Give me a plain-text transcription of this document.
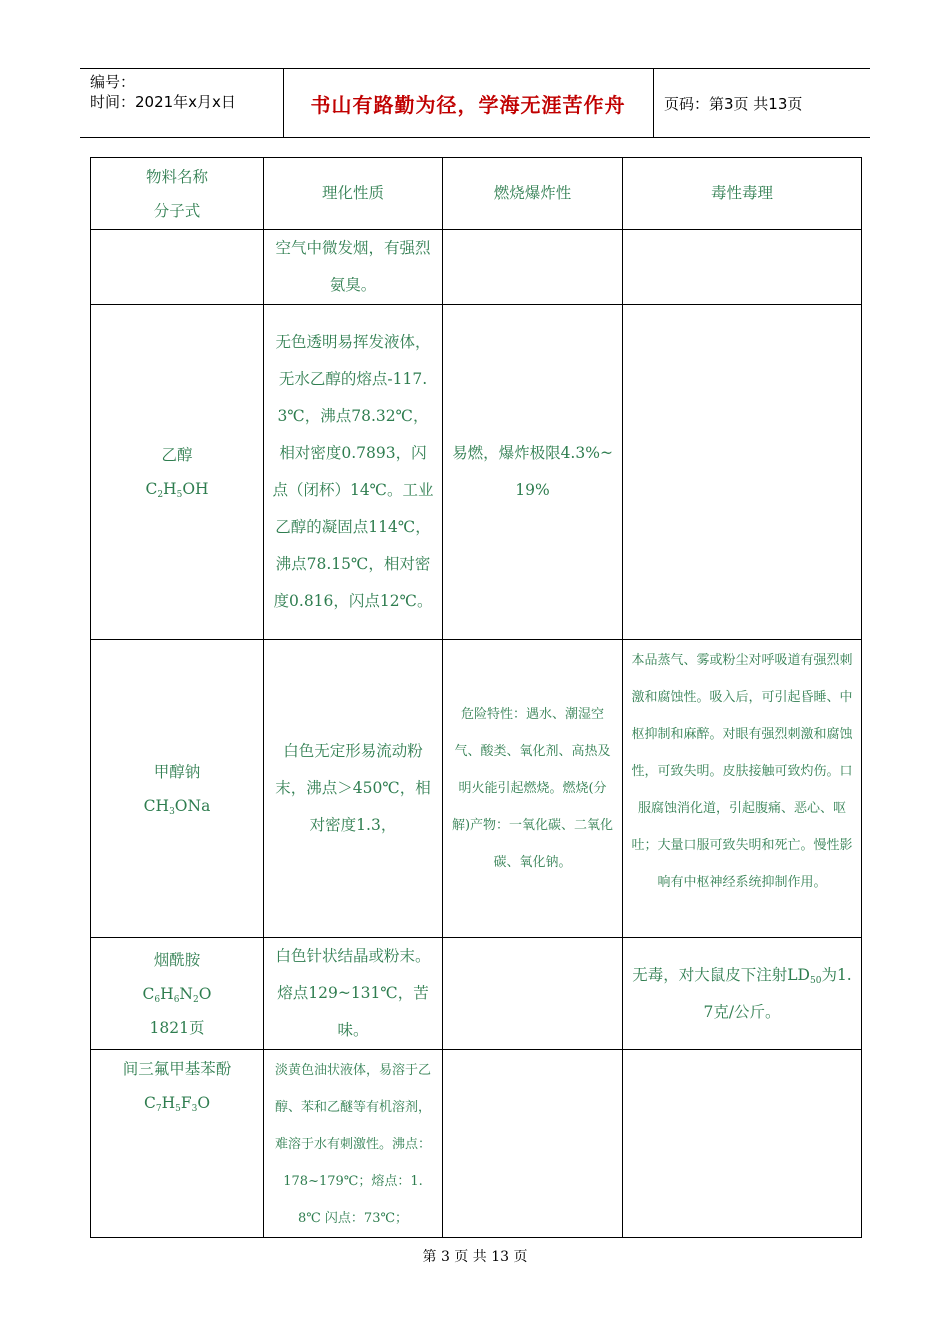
编号：
时间：2021年x月x日	书山有路勤为径，学海无涯苦作舟	页码：第3页 共13页
物料名称
分子式	理化性质	燃烧爆炸性	毒性毒理
	空气中微发烟，有强烈氨臭。		

乙醇
$C_2H_5OH$	无色透明易挥发液体，无水乙醇的熔点-117.3℃，沸点78.32℃，相对密度0.7893，闪点（闭杯）14℃。工业乙醇的凝固点114℃，沸点78.15℃，相对密度0.816，闪点12℃。	易燃，爆炸极限4.3%~19%	

甲醇钠
$CH_3ONa$	白色无定形易流动粉末，沸点＞450℃，相对密度1.3，	危险特性：遇水、潮湿空气、酸类、氧化剂、高热及明火能引起燃烧。燃烧(分解)产物：一氧化碳、二氧化碳、氧化钠。	本品蒸气、雾或粉尘对呼吸道有强烈刺激和腐蚀性。吸入后，可引起昏睡、中枢抑制和麻醉。对眼有强烈刺激和腐蚀性，可致失明。皮肤接触可致灼伤。口服腐蚀消化道，引起腹痛、恶心、呕吐；大量口服可致失明和死亡。慢性影响有中枢神经系统抑制作用。

烟酰胺
$C_6H_6N_2O$
1821页	白色针状结晶或粉末。熔点129~131℃，苦味。		无毒，对大鼠皮下注射$LD_{50}$为1.7克/公斤。

间三氟甲基苯酚
$C_7H_5F_3O$	淡黄色油状液体，易溶于乙醇、苯和乙醚等有机溶剂，难溶于水有刺激性。沸点：178~179℃；熔点：1.8℃ 闪点：73℃；		
第 3 页 共 13 页
